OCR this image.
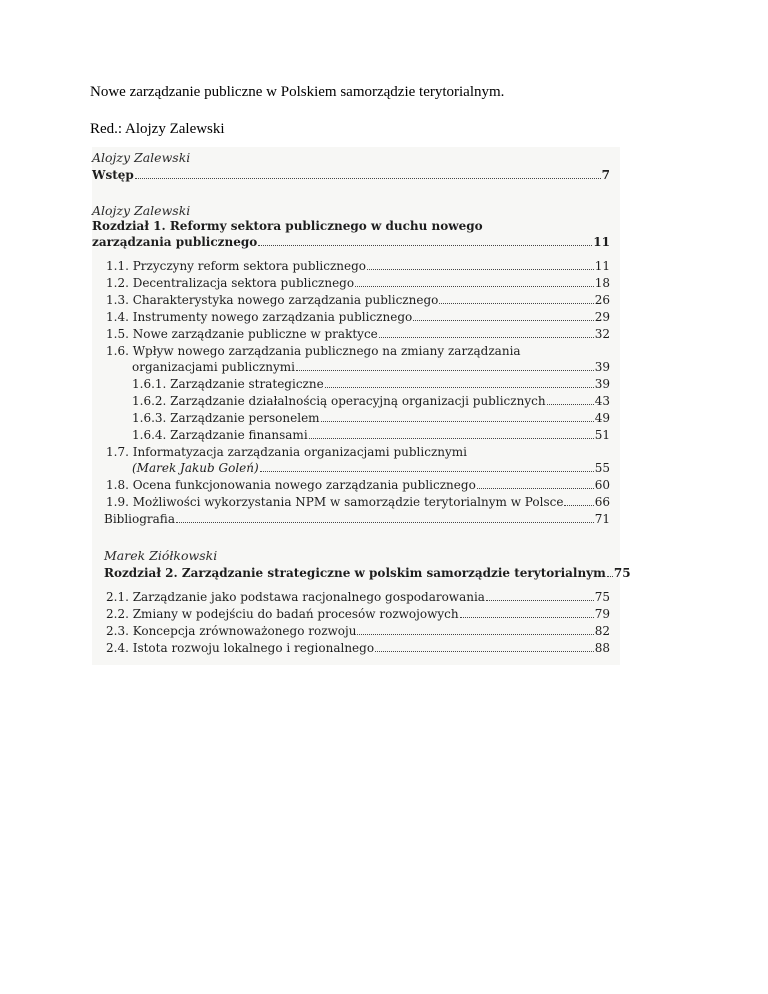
Nowe zarządzanie publiczne w Polskiem samorządzie terytorialnym.
Red.: Alojzy Zalewski
Alojzy Zalewski
Wstęp	7
Alojzy Zalewski
Rozdział 1. Reformy sektora publicznego w duchu nowego
zarządzania publicznego	11
1.1. Przyczyny reform sektora publicznego	11
1.2. Decentralizacja sektora publicznego	18
1.3. Charakterystyka nowego zarządzania publicznego	26
1.4. Instrumenty nowego zarządzania publicznego	29
1.5. Nowe zarządzanie publiczne w praktyce	32
1.6. Wpływ nowego zarządzania publicznego na zmiany zarządzania
organizacjami publicznymi	39
1.6.1. Zarządzanie strategiczne	39
1.6.2. Zarządzanie działalnością operacyjną organizacji publicznych	43
1.6.3. Zarządzanie personelem	49
1.6.4. Zarządzanie finansami	51
1.7. Informatyzacja zarządzania organizacjami publicznymi
(Marek Jakub Goleń)	55
1.8. Ocena funkcjonowania nowego zarządzania publicznego	60
1.9. Możliwości wykorzystania NPM w samorządzie terytorialnym w Polsce	66
Bibliografia	71
Marek Ziółkowski
Rozdział 2. Zarządzanie strategiczne w polskim samorządzie terytorialnym 75
2.1. Zarządzanie jako podstawa racjonalnego gospodarowania	75
2.2. Zmiany w podejściu do badań procesów rozwojowych	79
2.3. Koncepcja zrównoważonego rozwoju	82
2.4. Istota rozwoju lokalnego i regionalnego	88
